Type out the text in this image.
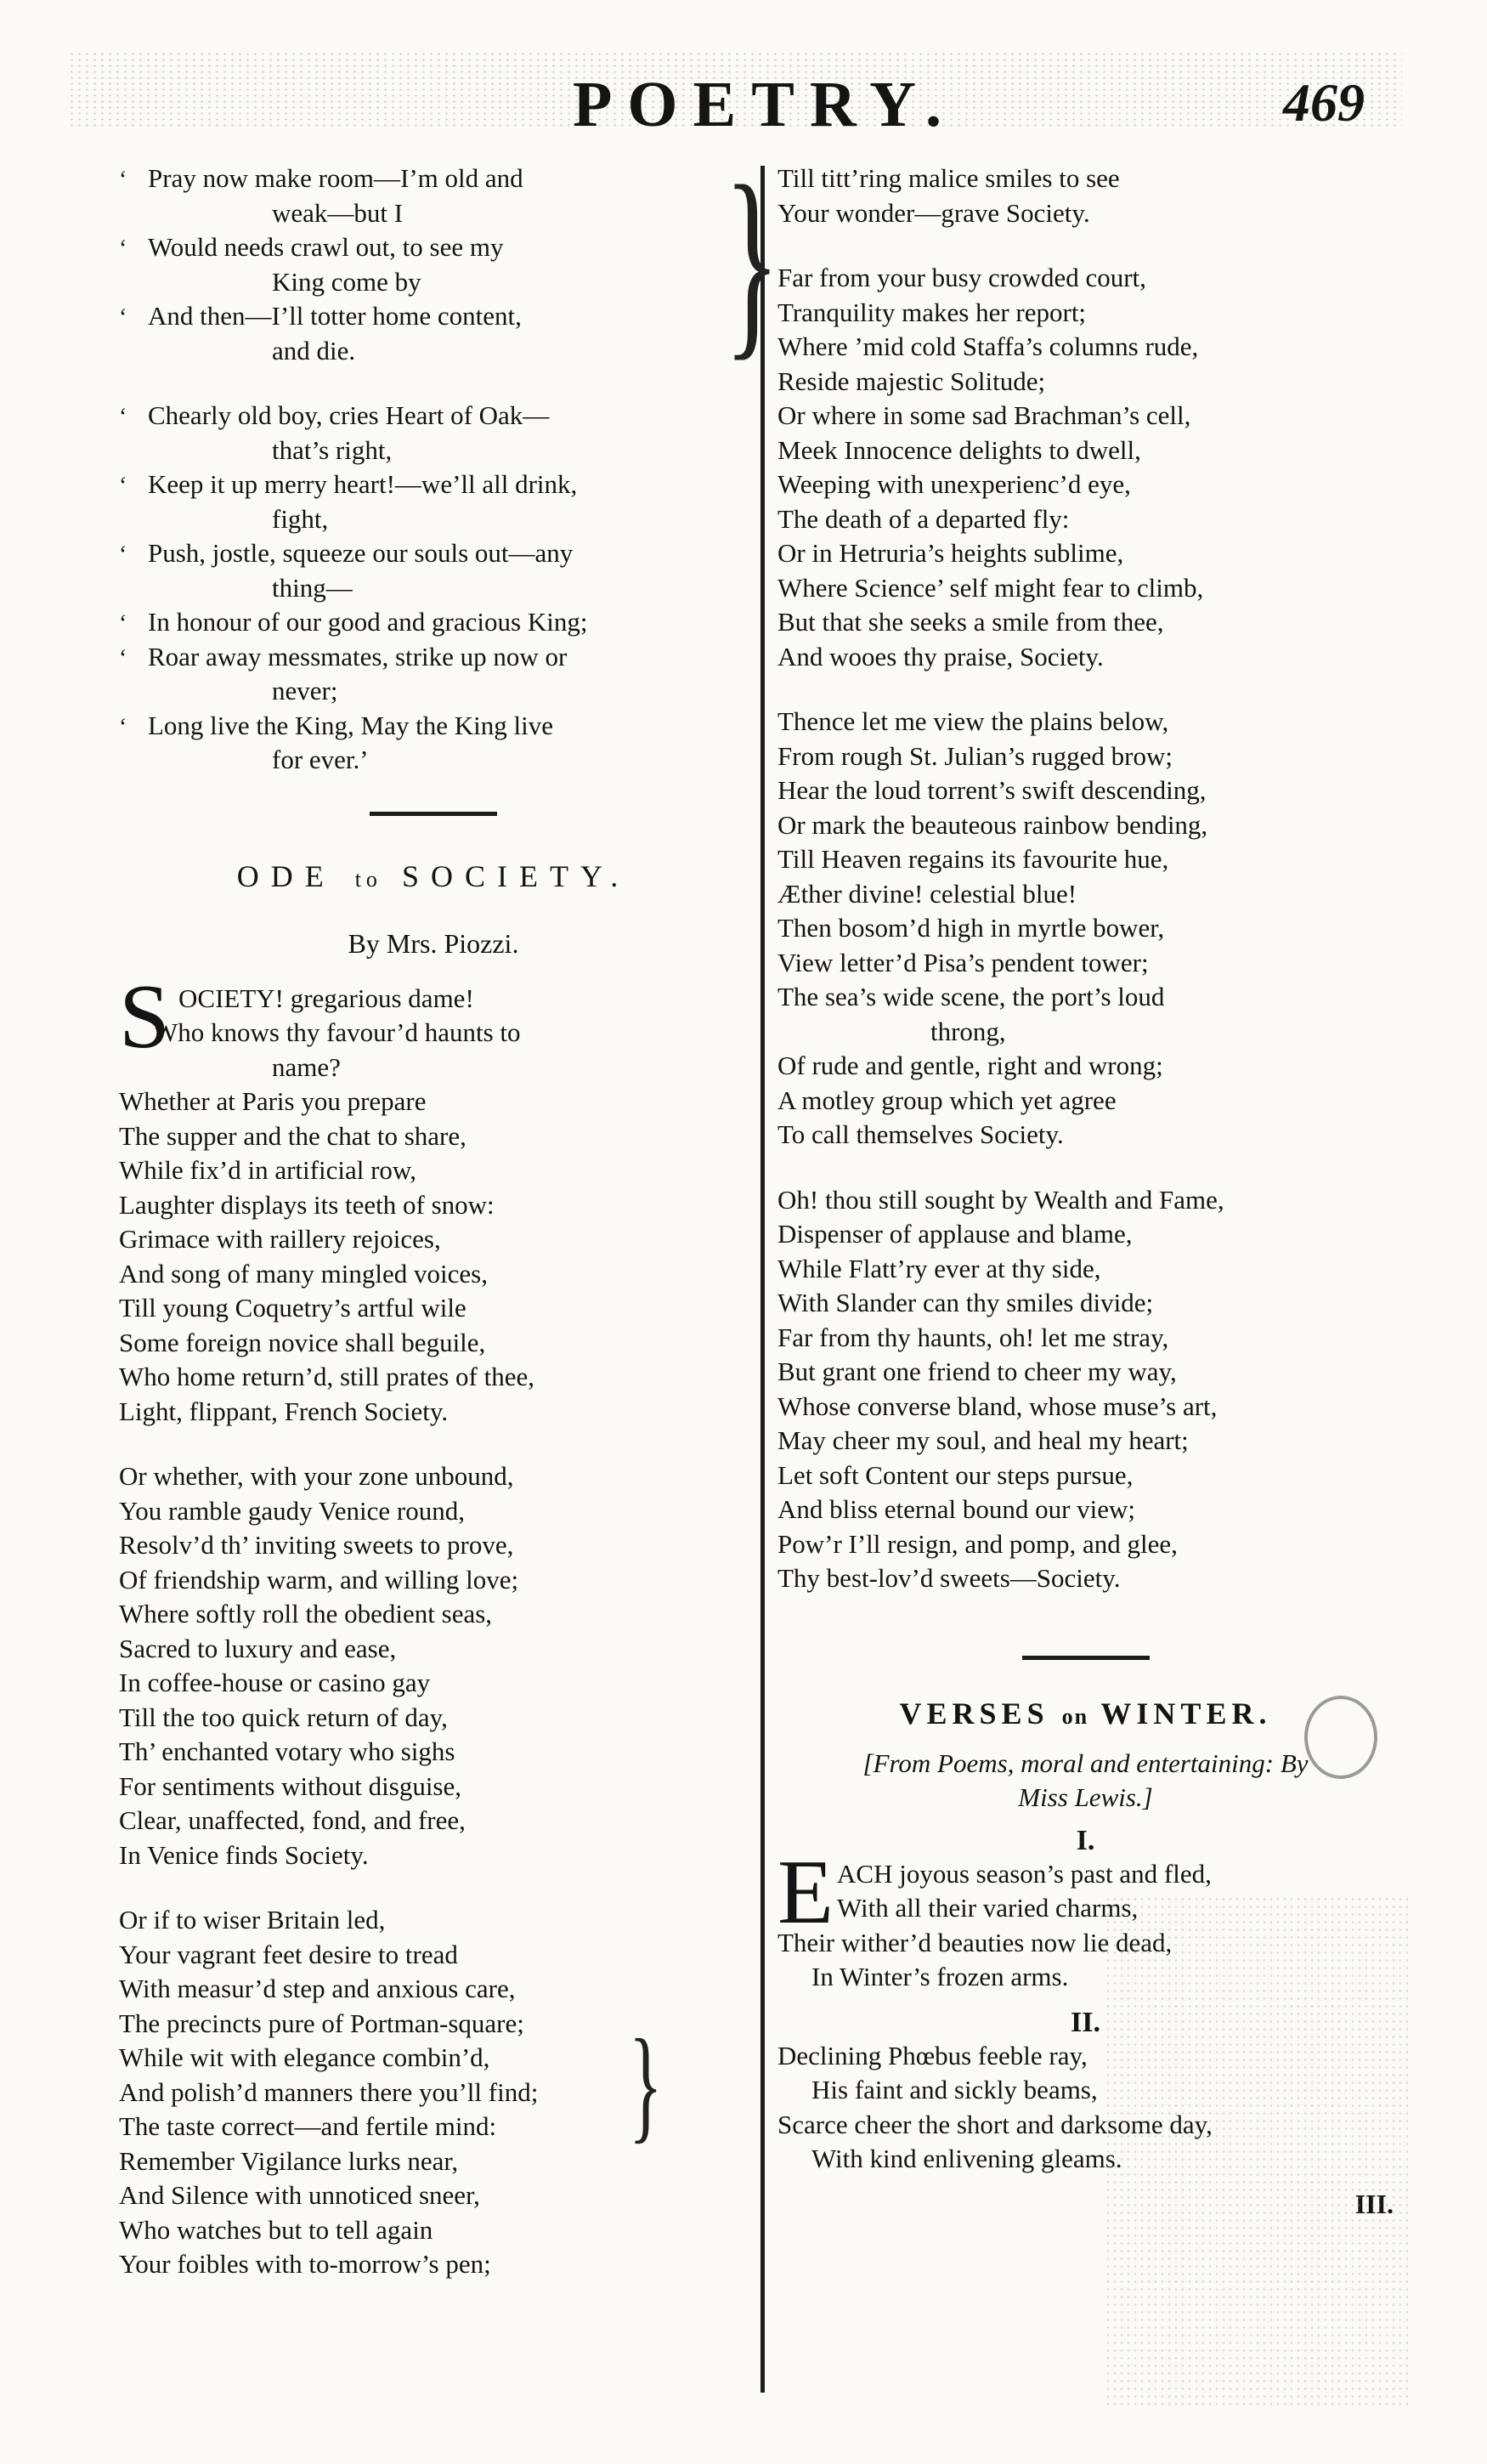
POETRY.	469
‘ Pray now make room—I’m old and
weak—but I
‘ Would needs crawl out, to see my
King come by
‘ And then—I’ll totter home content,
and die.	}
‘ Chearly old boy, cries Heart of Oak—
that’s right,
‘ Keep it up merry heart!—we’ll all drink,
fight,
‘ Push, jostle, squeeze our souls out—any
thing—
‘ In honour of our good and gracious King;
‘ Roar away messmates, strike up now or
never;
‘ Long live the King, May the King live
for ever.’
ODE to SOCIETY.
By Mrs. Piozzi.
OCIETY! gregarious dame!
Who knows thy favour’d haunts to
name?
Whether at Paris you prepare
The supper and the chat to share,
While fix’d in artificial row,
Laughter displays its teeth of snow:
Grimace with raillery rejoices,
And song of many mingled voices,
Till young Coquetry’s artful wile
Some foreign novice shall beguile,
Who home return’d, still prates of thee,
Light, flippant, French Society.
S
Or whether, with your zone unbound,
You ramble gaudy Venice round,
Resolv’d th’ inviting sweets to prove,
Of friendship warm, and willing love;
Where softly roll the obedient seas,
Sacred to luxury and ease,
In coffee-house or casino gay
Till the too quick return of day,
Th’ enchanted votary who sighs
For sentiments without disguise,
Clear, unaffected, fond, and free,
In Venice finds Society.
Or if to wiser Britain led,
Your vagrant feet desire to tread
With measur’d step and anxious care,
The precincts pure of Portman-square;
While wit with elegance combin’d,
And polish’d manners there you’ll find;
The taste correct—and fertile mind:
Remember Vigilance lurks near,
And Silence with unnoticed sneer,
Who watches but to tell again
Your foibles with to-morrow’s pen;
}
Till titt’ring malice smiles to see
Your wonder—grave Society.
Far from your busy crowded court,
Tranquility makes her report;
Where ’mid cold Staffa’s columns rude,
Reside majestic Solitude;
Or where in some sad Brachman’s cell,
Meek Innocence delights to dwell,
Weeping with unexperienc’d eye,
The death of a departed fly:
Or in Hetruria’s heights sublime,
Where Science’ self might fear to climb,
But that she seeks a smile from thee,
And wooes thy praise, Society.
Thence let me view the plains below,
From rough St. Julian’s rugged brow;
Hear the loud torrent’s swift descending,
Or mark the beauteous rainbow bending,
Till Heaven regains its favourite hue,
Æther divine! celestial blue!
Then bosom’d high in myrtle bower,
View letter’d Pisa’s pendent tower;
The sea’s wide scene, the port’s loud
throng,
Of rude and gentle, right and wrong;
A motley group which yet agree
To call themselves Society.
Oh! thou still sought by Wealth and Fame,
Dispenser of applause and blame,
While Flatt’ry ever at thy side,
With Slander can thy smiles divide;
Far from thy haunts, oh! let me stray,
But grant one friend to cheer my way,
Whose converse bland, whose muse’s art,
May cheer my soul, and heal my heart;
Let soft Content our steps pursue,
And bliss eternal bound our view;
Pow’r I’ll resign, and pomp, and glee,
Thy best-lov’d sweets—Society.
VERSES on WINTER.
[From Poems, moral and entertaining: By
Miss Lewis.]
I.
ACH joyous season’s past and fled,
With all their varied charms,
Their wither’d beauties now lie dead,
In Winter’s frozen arms.
E
II.
Declining Phœbus feeble ray,
His faint and sickly beams,
Scarce cheer the short and darksome day,
With kind enlivening gleams.
III.
